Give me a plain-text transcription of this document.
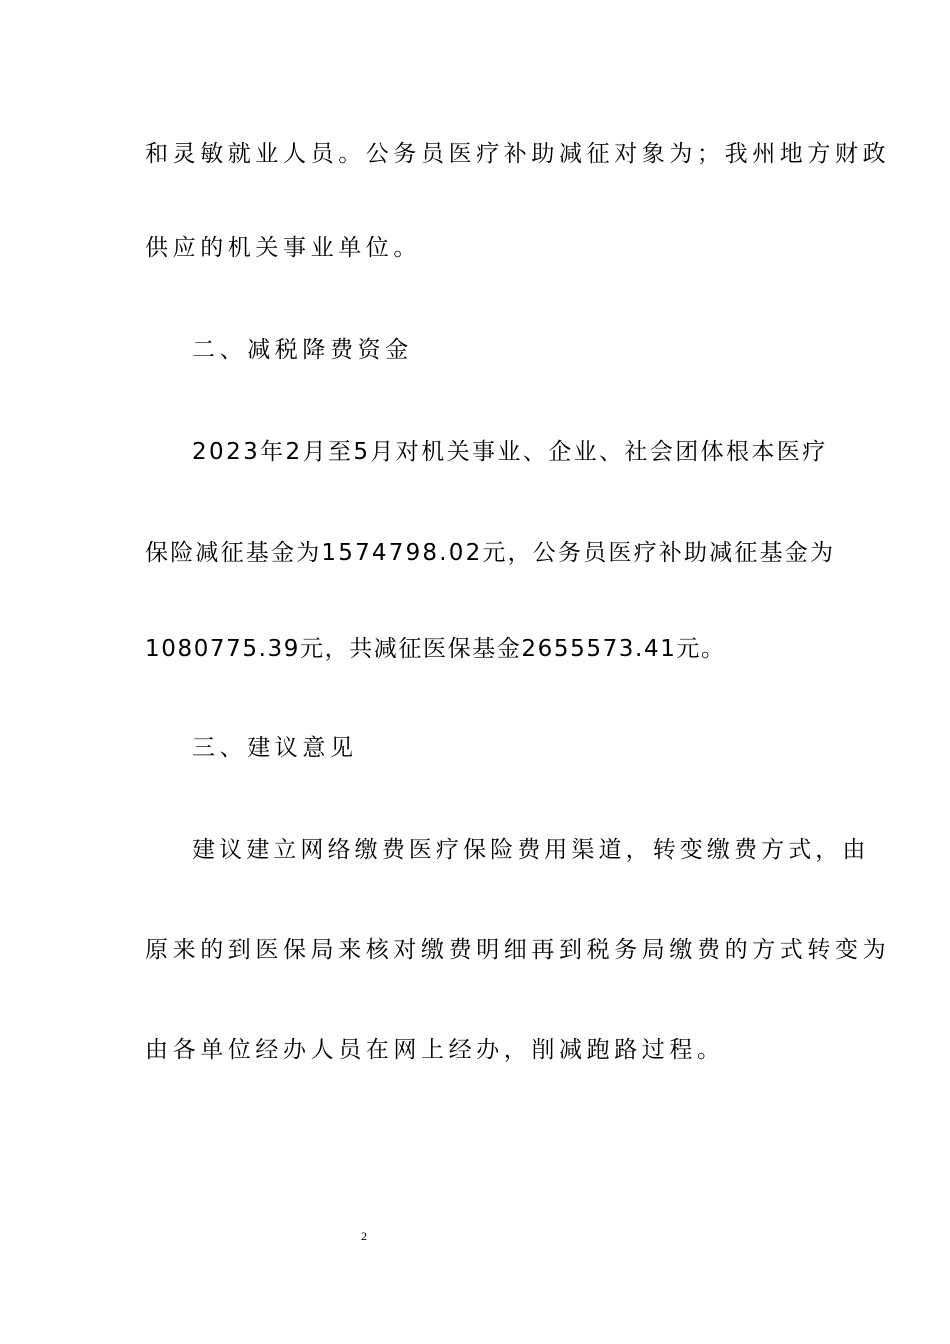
和灵敏就业人员。公务员医疗补助减征对象为；我州地方财政

供应的机关事业单位。

二、减税降费资金

2023年2月至5月对机关事业、企业、社会团体根本医疗

保险减征基金为1574798.02元，公务员医疗补助减征基金为

1080775.39元，共减征医保基金2655573.41元。

三、建议意见

建议建立网络缴费医疗保险费用渠道，转变缴费方式，由

原来的到医保局来核对缴费明细再到税务局缴费的方式转变为

由各单位经办人员在网上经办，削减跑路过程。

2
